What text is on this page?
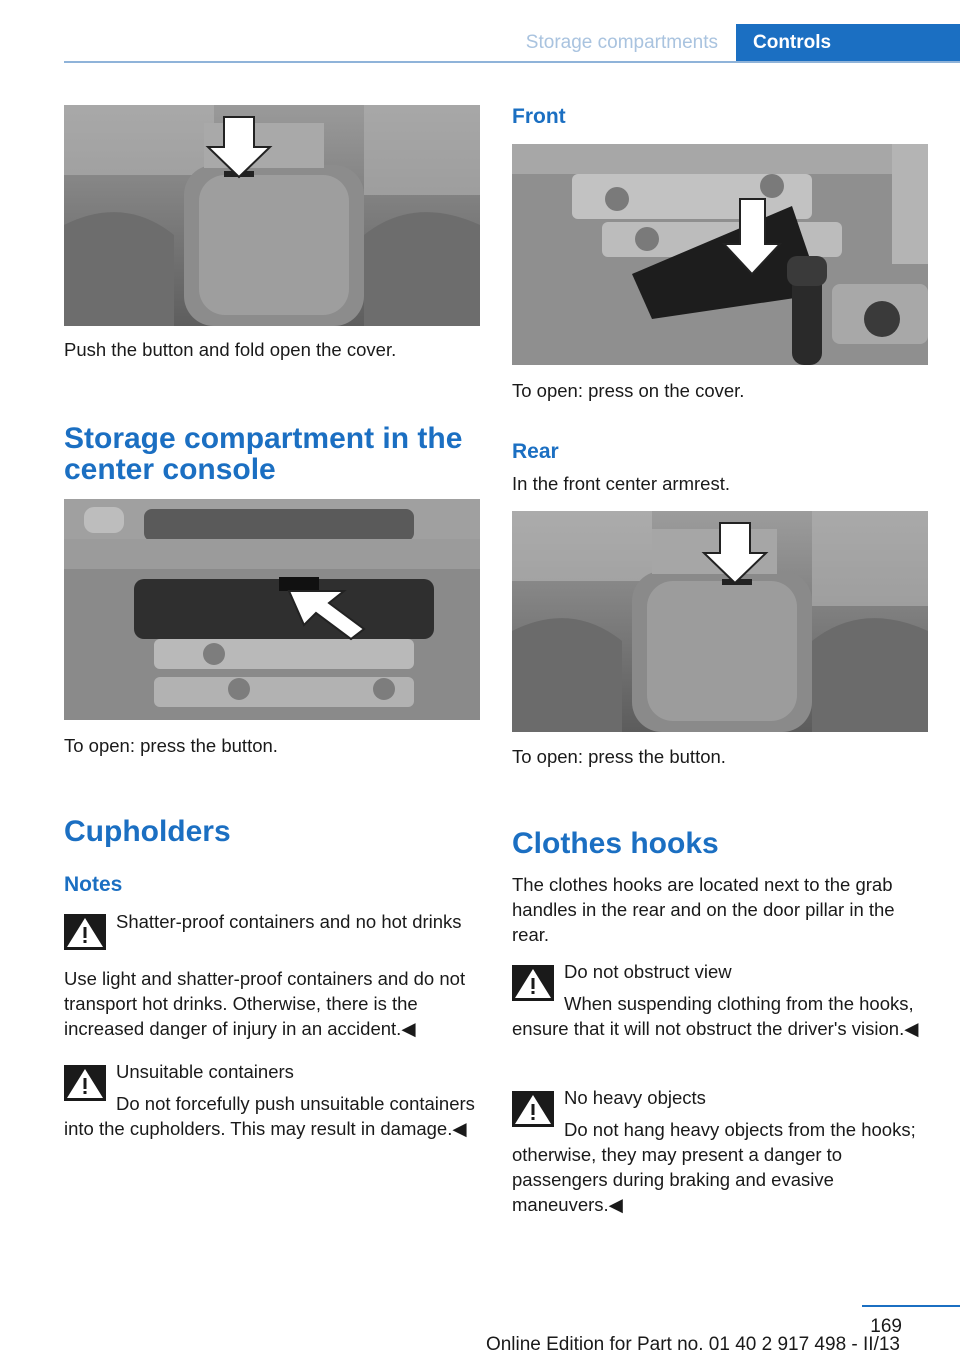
Storage compartments	Controls

Push the button and fold open the cover.

Storage compartment in the center console

To open: press the button.

Cupholders
Notes
Shatter-proof containers and no hot drinks
Use light and shatter-proof containers and do not transport hot drinks. Otherwise, there is the increased danger of injury in an accident.◀
Unsuitable containers
Do not forcefully push unsuitable containers into the cupholders. This may result in damage.◀
Front

To open: press on the cover.

Rear

In the front center armrest.

To open: press the button.

Clothes hooks

The clothes hooks are located next to the grab handles in the rear and on the door pillar in the rear.

Do not obstruct view
When suspending clothing from the hooks, ensure that it will not obstruct the driver's vision.◀
No heavy objects
Do not hang heavy objects from the hooks; otherwise, they may present a danger to passengers during braking and evasive maneuvers.◀
169
Online Edition for Part no. 01 40 2 917 498 - II/13
